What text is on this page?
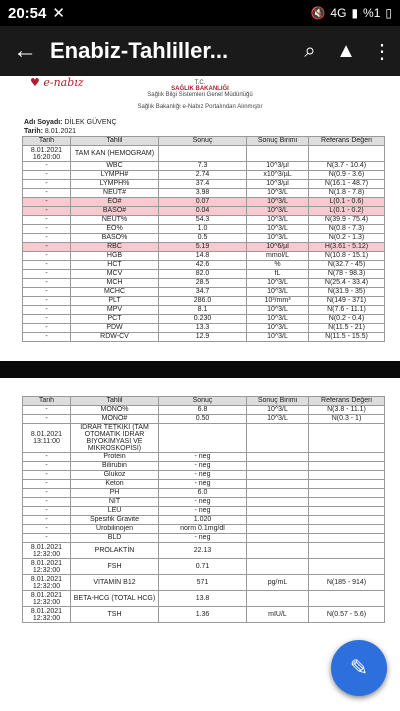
20:54 ✕	🔇 4G ▮ %1 ▯
← Enabiz-Tahliller...	⌕	▲ ⋮
♥ e-nabız	T.C.
SAĞLIK BAKANLIĞI
Sağlık Bilgi Sistemleri Genel Müdürlüğü
Sağlık Bakanlığı e-Nabız Portalından Alınmıştır
Adı Soyadı: DİLEK GÜVENÇ
Tarih: 8.01.2021
Tarih	Tahlil	Sonuç	Sonuç Birimi	Referans Değeri
8.01.2021 16:20:00	TAM KAN (HEMOGRAM)			
-	WBC	7.3	10^3/µl	N(3.7 - 10.4)
-	LYMPH#	2.74	x10^3/µL	N(0.9 - 3.6)
-	LYMPH%	37.4	10^3/µl	N(16.1 - 48.7)
-	NEUT#	3.98	10^3/L	N(1.8 - 7.8)
-	EO#	0.07	10^3/L	L(0.1 - 0.6)
-	BASO#	0.04	10^3/L	L(0.1 - 0.2)
-	NEUT%	54.3	10^3/L	N(39.9 - 75.4)
-	EO%	1.0	10^3/L	N(0.8 - 7.3)
-	BASO%	0.5	10^3/L	N(0.2 - 1.3)
-	RBC	5.19	10^6/µl	H(3.61 - 5.12)
-	HGB	14.8	mmol/L	N(10.8 - 15.1)
-	HCT	42.6	%	N(32.7 - 45)
-	MCV	82.0	fL	N(78 - 98.3)
-	MCH	28.5	10^3/L	N(25.4 - 33.4)
-	MCHC	34.7	10^3/L	N(31.9 - 35)
-	PLT	286.0	10³/mm³	N(149 - 371)
-	MPV	8.1	10^3/L	N(7.6 - 11.1)
-	PCT	0.230	10^3/L	N(0.2 - 0.4)
-	PDW	13.3	10^3/L	N(11.5 - 21)
-	RDW-CV	12.9	10^3/L	N(11.5 - 15.5)
Tarih	Tahlil	Sonuç	Sonuç Birimi	Referans Değeri
-	MONO%	6.8	10^3/L	N(3.8 - 11.1)
-	MONO#	0.50	10^3/L	N(0.3 - 1)
8.01.2021 13:11:00	İDRAR TETKİKİ (TAM OTOMATİK İDRAR BİYOKİMYASI VE MİKROSKOPİSİ)			
-	Protein	- neg		
-	Bilirubin	- neg		
-	Glukoz	- neg		
-	Keton	- neg		
-	PH	6.0		
-	NIT	- neg		
-	LEU	- neg		
-	Spesifik Gravite	1.020		
-	Ürobilinojen	norm 0.1mg/dl		
-	BLD	- neg		
8.01.2021 12:32:00	PROLAKTİN	22.13		
8.01.2021 12:32:00	FSH	0.71		
8.01.2021 12:32:00	VİTAMİN B12	571	pg/mL	N(185 - 914)
8.01.2021 12:32:00	BETA-HCG (TOTAL HCG)	13.8		
8.01.2021 12:32:00	TSH	1.36	mIU/L	N(0.57 - 5.6)
✎
